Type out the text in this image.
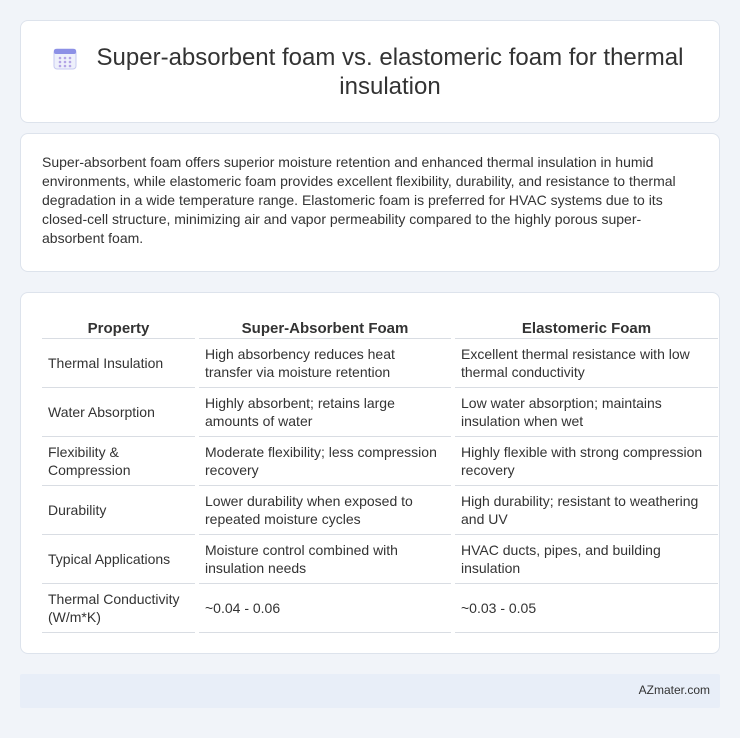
Super-absorbent foam vs. elastomeric foam for thermal insulation

Super-absorbent foam offers superior moisture retention and enhanced thermal insulation in humid environments, while elastomeric foam provides excellent flexibility, durability, and resistance to thermal degradation in a wide temperature range. Elastomeric foam is preferred for HVAC systems due to its closed-cell structure, minimizing air and vapor permeability compared to the highly porous super-absorbent foam.

Property	Super-Absorbent Foam	Elastomeric Foam
Thermal Insulation	High absorbency reduces heat transfer via moisture retention	Excellent thermal resistance with low thermal conductivity
Water Absorption	Highly absorbent; retains large amounts of water	Low water absorption; maintains insulation when wet
Flexibility & Compression	Moderate flexibility; less compression recovery	Highly flexible with strong compression recovery
Durability	Lower durability when exposed to repeated moisture cycles	High durability; resistant to weathering and UV
Typical Applications	Moisture control combined with insulation needs	HVAC ducts, pipes, and building insulation
Thermal Conductivity (W/m*K)	~0.04 - 0.06	~0.03 - 0.05
AZmater.com
